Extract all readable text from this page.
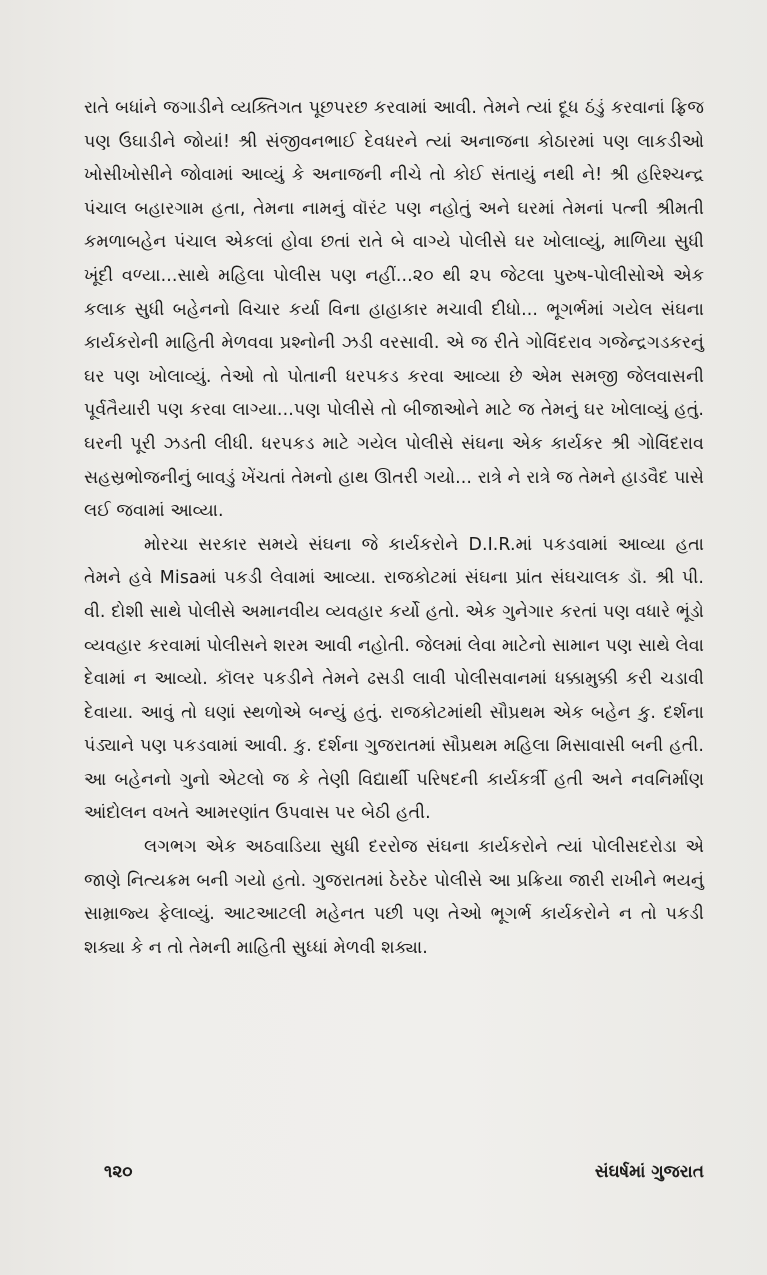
રાતે બધાંને જગાડીને વ્યક્તિગત પૂછપરછ કરવામાં આવી. તેમને ત્યાં દૂધ ઠંડું કરવાનાં ફ્રિજ પણ ઉઘાડીને જોયાં! શ્રી સંજીવનભાઈ દેવધરને ત્યાં અનાજના કોઠારમાં પણ લાકડીઓ ખોસીખોસીને જોવામાં આવ્યું કે અનાજની નીચે તો કોઈ સંતાયું નથી ને! શ્રી હરિશ્ચન્દ્ર પંચાલ બહારગામ હતા, તેમના નામનું વૉરંટ પણ નહોતું અને ઘરમાં તેમનાં પત્ની શ્રીમતી કમળાબહેન પંચાલ એકલાં હોવા છતાં રાતે બે વાગ્યે પોલીસે ઘર ખોલાવ્યું, માળિયા સુધી ખૂંદી વળ્યા...સાથે મહિલા પોલીસ પણ નહીં...૨૦ થી ૨૫ જેટલા પુરુષ-પોલીસોએ એક કલાક સુધી બહેનનો વિચાર કર્યા વિના હાહાકાર મચાવી દીધો... ભૂગર્ભમાં ગયેલ સંઘના કાર્યકરોની માહિતી મેળવવા પ્રશ્નોની ઝડી વરસાવી. એ જ રીતે ગોવિંદરાવ ગજેન્દ્રગડકરનું ઘર પણ ખોલાવ્યું. તેઓ તો પોતાની ધરપકડ કરવા આવ્યા છે એમ સમજી જેલવાસની પૂર્વતૈયારી પણ કરવા લાગ્યા...પણ પોલીસે તો બીજાઓને માટે જ તેમનું ઘર ખોલાવ્યું હતું. ઘરની પૂરી ઝડતી લીધી. ધરપકડ માટે ગયેલ પોલીસે સંઘના એક કાર્યકર શ્રી ગોવિંદરાવ સહસ્રભોજનીનું બાવડું ખેંચતાં તેમનો હાથ ઊતરી ગયો... રાત્રે ને રાત્રે જ તેમને હાડવૈદ પાસે લઈ જવામાં આવ્યા.

મોરચા સરકાર સમયે સંઘના જે કાર્યકરોને D.I.R.માં પકડવામાં આવ્યા હતા તેમને હવે Misaમાં પકડી લેવામાં આવ્યા. રાજકોટમાં સંઘના પ્રાંત સંઘચાલક ડૉ. શ્રી પી. વી. દોશી સાથે પોલીસે અમાનવીય વ્યવહાર કર્યો હતો. એક ગુનેગાર કરતાં પણ વધારે ભૂંડો વ્યવહાર કરવામાં પોલીસને શરમ આવી નહોતી. જેલમાં લેવા માટેનો સામાન પણ સાથે લેવા દેવામાં ન આવ્યો. કૉલર પકડીને તેમને ઢસડી લાવી પોલીસવાનમાં ધક્કામુક્કી કરી ચડાવી દેવાયા. આવું તો ઘણાં સ્થળોએ બન્યું હતું. રાજકોટમાંથી સૌપ્રથમ એક બહેન કુ. દર્શના પંડ્યાને પણ પકડવામાં આવી. કુ. દર્શના ગુજરાતમાં સૌપ્રથમ મહિલા મિસાવાસી બની હતી. આ બહેનનો ગુનો એટલો જ કે તેણી વિદ્યાર્થી પરિષદની કાર્યકર્ત્રી હતી અને નવનિર્માણ આંદોલન વખતે આમરણાંત ઉપવાસ પર બેઠી હતી.

લગભગ એક અઠવાડિયા સુધી દરરોજ સંઘના કાર્યકરોને ત્યાં પોલીસદરોડા એ જાણે નિત્યક્રમ બની ગયો હતો. ગુજરાતમાં ઠેરઠેર પોલીસે આ પ્રક્રિયા જારી રાખીને ભયનું સામ્રાજ્ય ફેલાવ્યું. આટઆટલી મહેનત પછી પણ તેઓ ભૂગર્ભ કાર્યકરોને ન તો પકડી શક્યા કે ન તો તેમની માહિતી સુધ્ધાં મેળવી શક્યા.

૧૨૦	સંઘર્ષમાં ગુજરાત
